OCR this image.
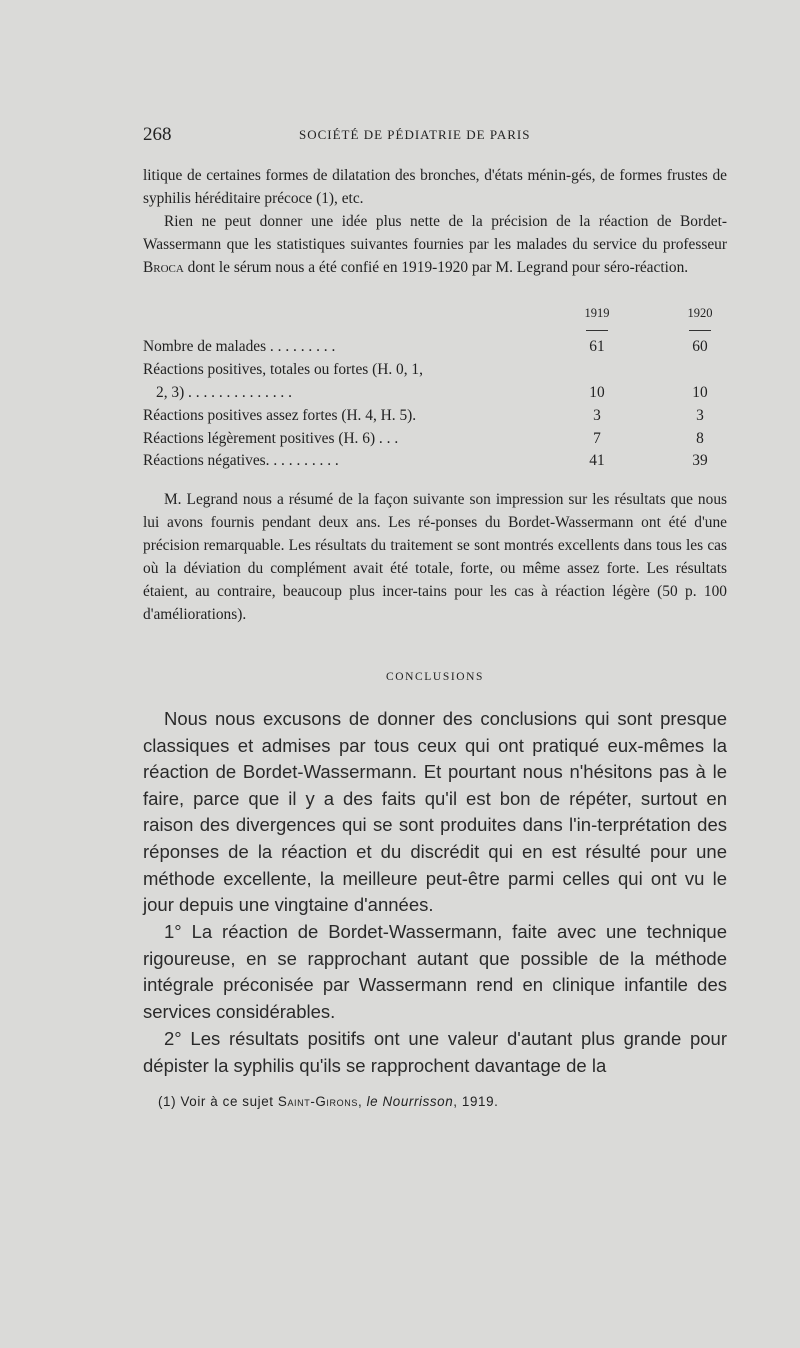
268	SOCIÉTÉ DE PÉDIATRIE DE PARIS

litique de certaines formes de dilatation des bronches, d'états ménin-gés, de formes frustes de syphilis héréditaire précoce (1), etc.

Rien ne peut donner une idée plus nette de la précision de la réaction de Bordet-Wassermann que les statistiques suivantes fournies par les malades du service du professeur Broca dont le sérum nous a été confié en 1919-1920 par M. Legrand pour séro-réaction.

1919	1920
Nombre de malades . . . . . . . . .	61	60
Réactions positives, totales ou fortes (H. 0, 1,
2, 3) . . . . . . . . . . . . . .	10	10
Réactions positives assez fortes (H. 4, H. 5).	3	3
Réactions légèrement positives (H. 6) . . .	7	8
Réactions négatives. . . . . . . . . .	41	39

M. Legrand nous a résumé de la façon suivante son impression sur les résultats que nous lui avons fournis pendant deux ans. Les ré-ponses du Bordet-Wassermann ont été d'une précision remarquable. Les résultats du traitement se sont montrés excellents dans tous les cas où la déviation du complément avait été totale, forte, ou même assez forte. Les résultats étaient, au contraire, beaucoup plus incer-tains pour les cas à réaction légère (50 p. 100 d'améliorations).

CONCLUSIONS

Nous nous excusons de donner des conclusions qui sont presque classiques et admises par tous ceux qui ont pratiqué eux-mêmes la réaction de Bordet-Wassermann. Et pourtant nous n'hésitons pas à le faire, parce que il y a des faits qu'il est bon de répéter, surtout en raison des divergences qui se sont produites dans l'in-terprétation des réponses de la réaction et du discrédit qui en est résulté pour une méthode excellente, la meilleure peut-être parmi celles qui ont vu le jour depuis une vingtaine d'années.

1° La réaction de Bordet-Wassermann, faite avec une technique rigoureuse, en se rapprochant autant que possible de la méthode intégrale préconisée par Wassermann rend en clinique infantile des services considérables.

2° Les résultats positifs ont une valeur d'autant plus grande pour dépister la syphilis qu'ils se rapprochent davantage de la

(1) Voir à ce sujet Saint-Girons, le Nourrisson, 1919.
